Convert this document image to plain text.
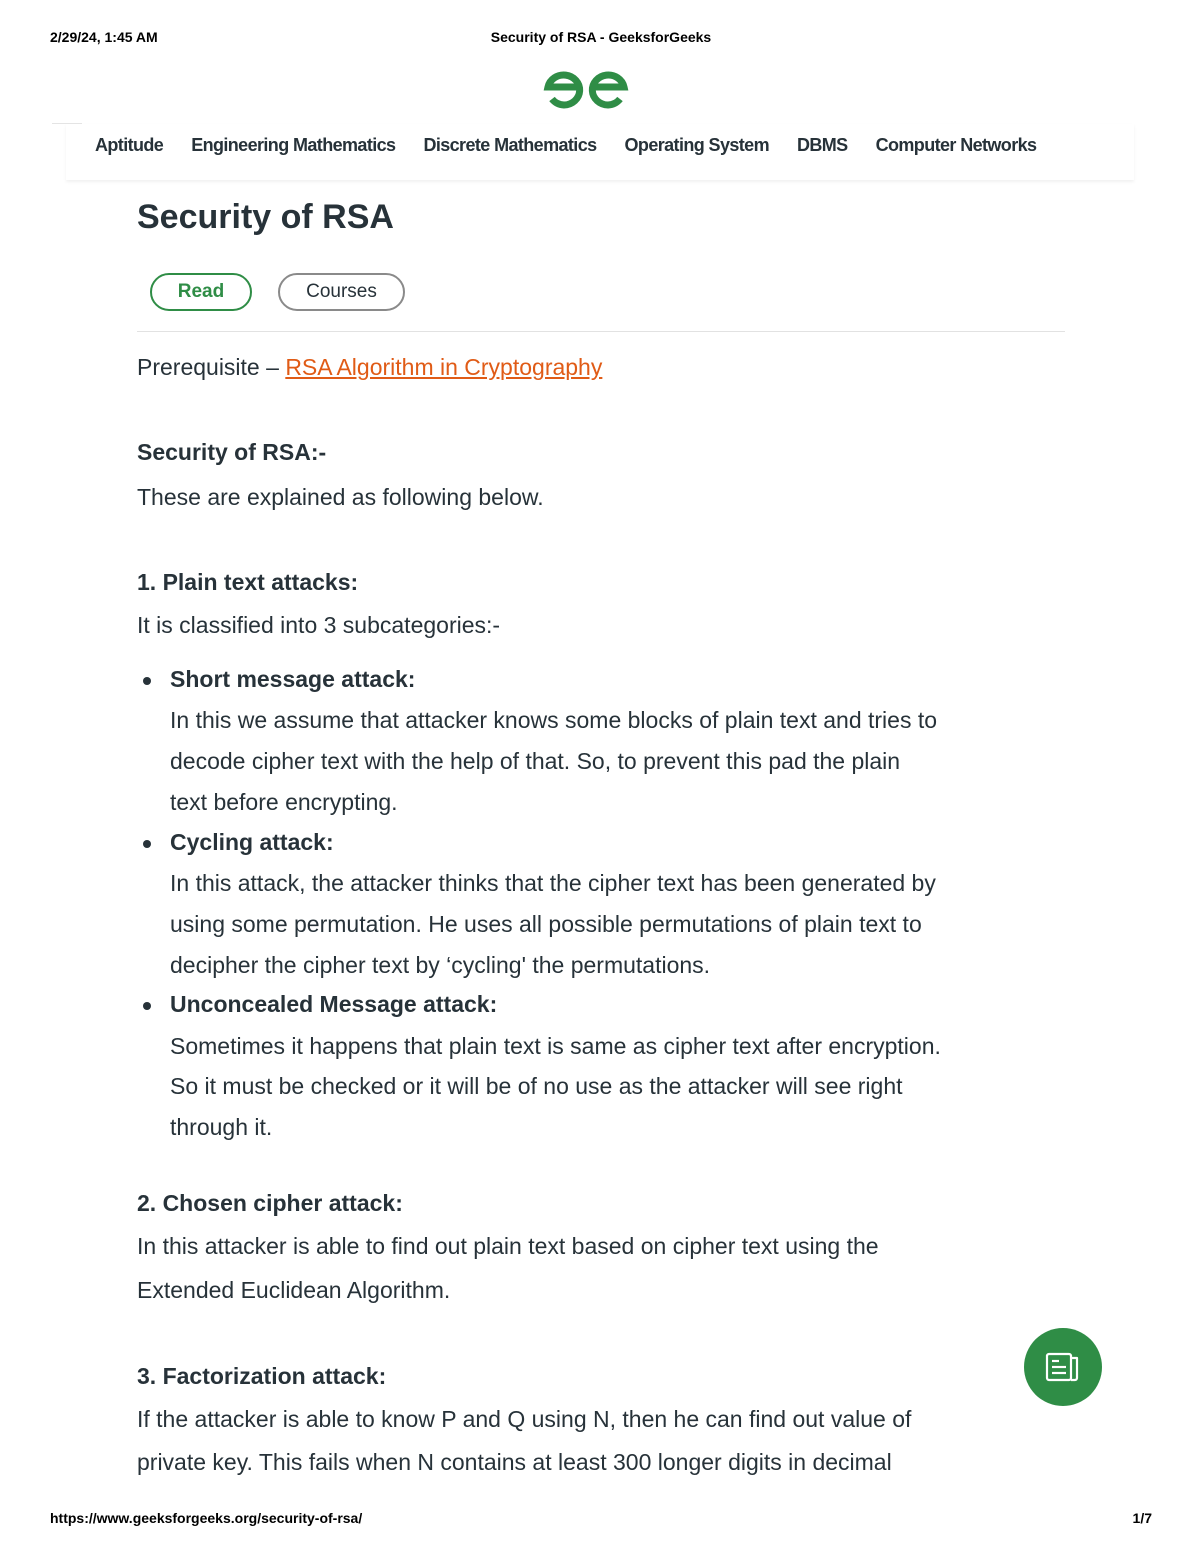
2/29/24, 1:45 AM	Security of RSA - GeeksforGeeks
Aptitude Engineering Mathematics Discrete Mathematics Operating System DBMS Computer Networks
Security of RSA
Read	Courses

Prerequisite – RSA Algorithm in Cryptography

Security of RSA:-

These are explained as following below.

1. Plain text attacks:

It is classified into 3 subcategories:-

Short message attack:

In this we assume that attacker knows some blocks of plain text and tries to

decode cipher text with the help of that. So, to prevent this pad the plain

text before encrypting.

Cycling attack:

In this attack, the attacker thinks that the cipher text has been generated by

using some permutation. He uses all possible permutations of plain text to

decipher the cipher text by ‘cycling' the permutations.

Unconcealed Message attack:

Sometimes it happens that plain text is same as cipher text after encryption.

So it must be checked or it will be of no use as the attacker will see right

through it.

2. Chosen cipher attack:

In this attacker is able to find out plain text based on cipher text using the

Extended Euclidean Algorithm.

3. Factorization attack:

If the attacker is able to know P and Q using N, then he can find out value of

private key. This fails when N contains at least 300 longer digits in decimal

https://www.geeksforgeeks.org/security-of-rsa/	1/7
